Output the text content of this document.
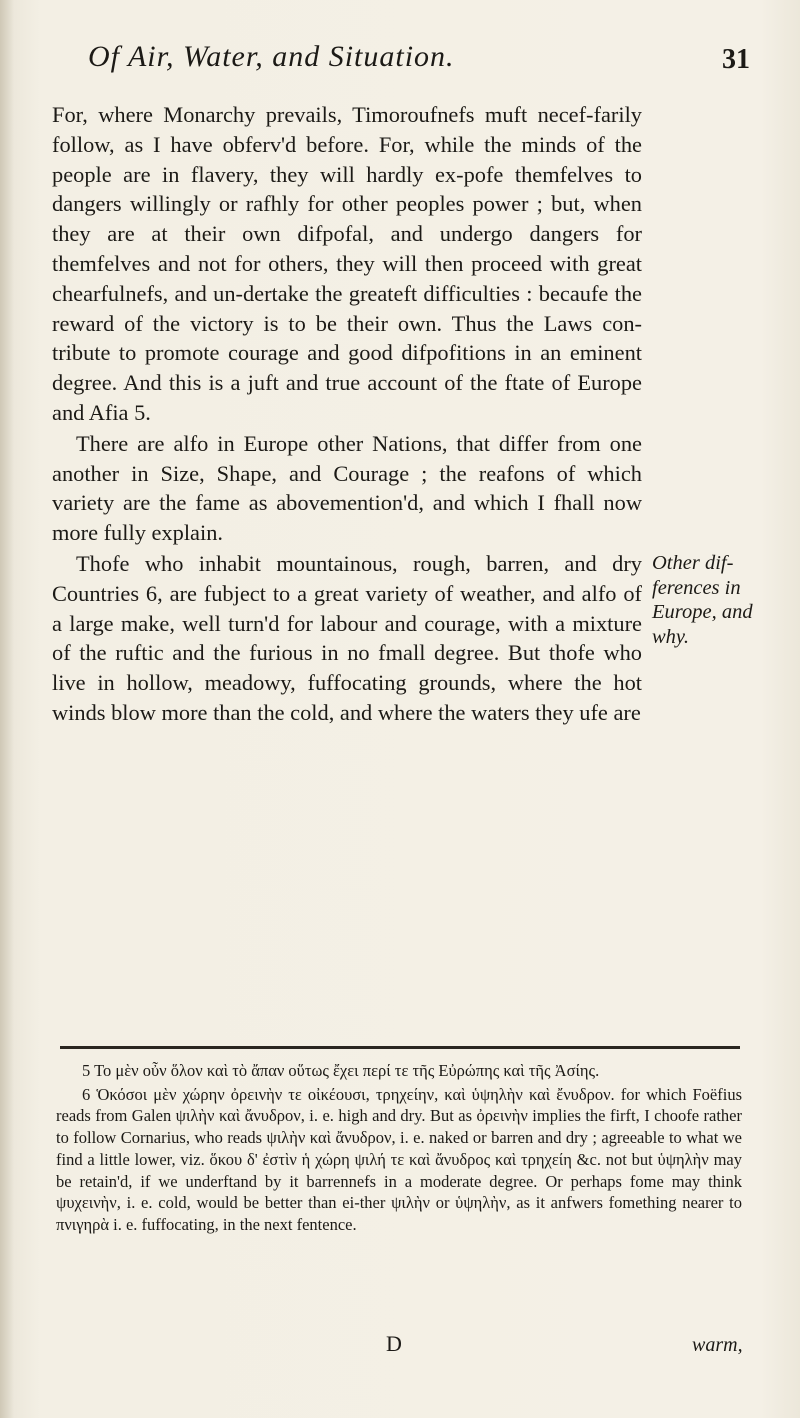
Of Air, Water, and Situation.	31

For, where Monarchy prevails, Timoroufnefs muft necef-farily follow, as I have obferv'd before. For, while the minds of the people are in flavery, they will hardly ex-pofe themfelves to dangers willingly or rafhly for other peoples power ; but, when they are at their own difpofal, and undergo dangers for themfelves and not for others, they will then proceed with great chearfulnefs, and un-dertake the greateft difficulties : becaufe the reward of the victory is to be their own. Thus the Laws con-tribute to promote courage and good difpofitions in an eminent degree. And this is a juft and true account of the ftate of Europe and Afia 5.

There are alfo in Europe other Nations, that differ from one another in Size, Shape, and Courage ; the reafons of which variety are the fame as abovemention'd, and which I fhall now more fully explain.

Thofe who inhabit mountainous, rough, barren, and dry Countries 6, are fubject to a great variety of weather, and alfo of a large make, well turn'd for labour and courage, with a mixture of the ruftic and the furious in no fmall degree. But thofe who live in hollow, meadowy, fuffocating grounds, where the hot winds blow more than the cold, and where the waters they ufe are

Other dif-ferences in Europe, and why.

5 Το μὲν οὖν ὅλον καὶ τὸ ἄπαν οὕτως ἔχει περί τε τῆς Εὐρώπης καὶ τῆς Ἀσίης.

6 Ὁκόσοι μὲν χώρην ὀρεινὴν τε οἰκέουσι, τρηχείην, καὶ ὑψηλὴν καὶ ἔνυδρον. for which Foëfius reads from Galen ψιλὴν καὶ ἄνυδρον, i. e. high and dry. But as ὀρεινὴν implies the firft, I choofe rather to follow Cornarius, who reads ψιλὴν καὶ ἄνυδρον, i. e. naked or barren and dry ; agreeable to what we find a little lower, viz. ὅκου δ' ἐστὶν ἡ χώρη ψιλή τε καὶ ἄνυδρος καὶ τρηχείη &c. not but ὑψηλὴν may be retain'd, if we underftand by it barrennefs in a moderate degree. Or perhaps fome may think ψυχεινὴν, i. e. cold, would be better than ei-ther ψιλὴν or ὑψηλὴν, as it anfwers fomething nearer to πνιγηρὰ i. e. fuffocating, in the next fentence.

D	warm,
